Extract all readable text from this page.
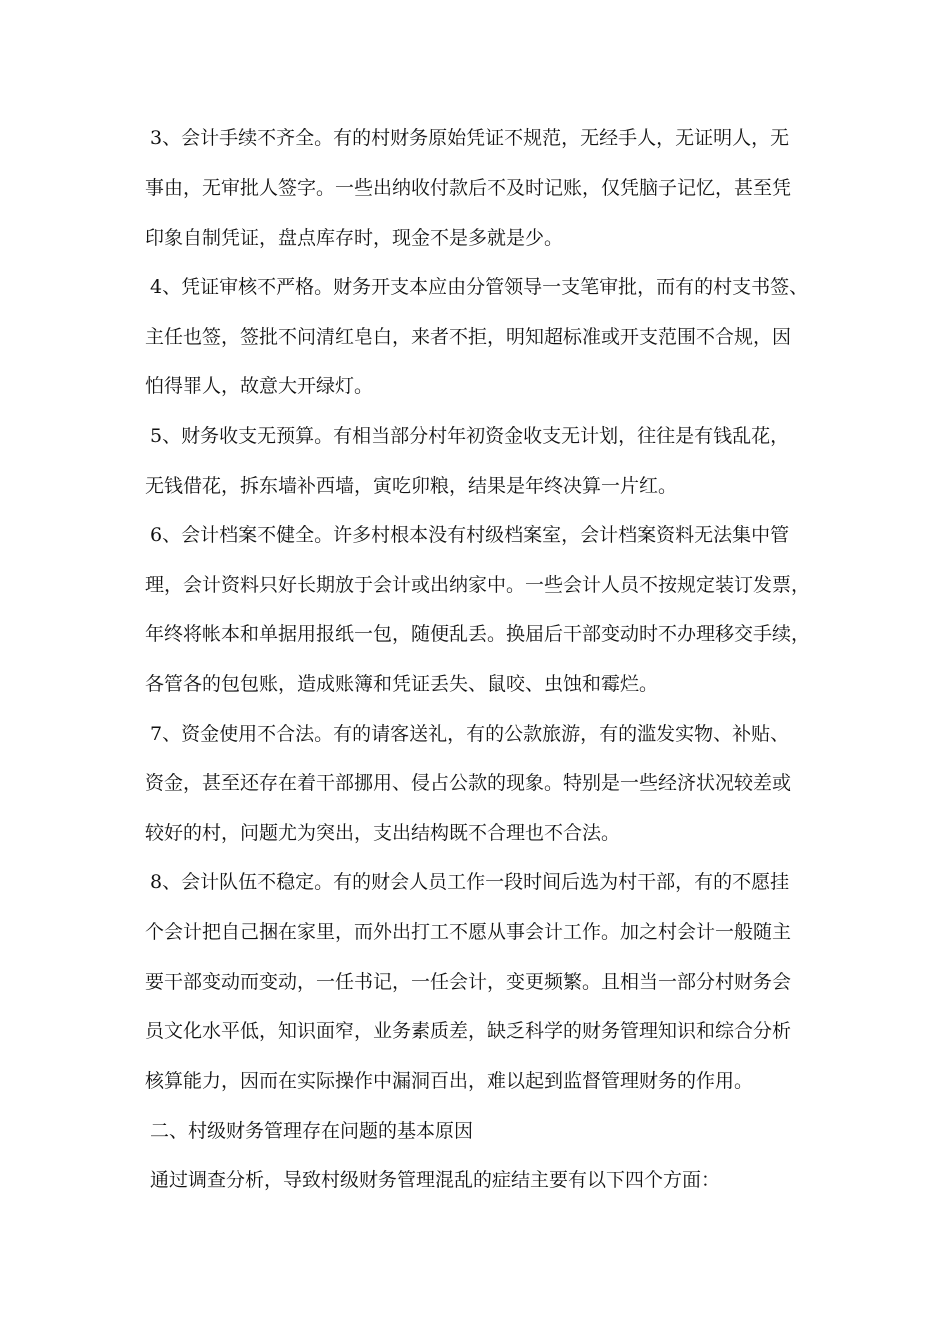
3、会计手续不齐全。有的村财务原始凭证不规范，无经手人，无证明人，无
事由，无审批人签字。一些出纳收付款后不及时记账，仅凭脑子记忆，甚至凭
印象自制凭证，盘点库存时，现金不是多就是少。
4、凭证审核不严格。财务开支本应由分管领导一支笔审批，而有的村支书签、
主任也签，签批不问清红皂白，来者不拒，明知超标准或开支范围不合规，因
怕得罪人，故意大开绿灯。
5、财务收支无预算。有相当部分村年初资金收支无计划，往往是有钱乱花，
无钱借花，拆东墙补西墙，寅吃卯粮，结果是年终决算一片红。
6、会计档案不健全。许多村根本没有村级档案室，会计档案资料无法集中管
理，会计资料只好长期放于会计或出纳家中。一些会计人员不按规定装订发票，
年终将帐本和单据用报纸一包，随便乱丢。换届后干部变动时不办理移交手续，
各管各的包包账，造成账簿和凭证丢失、鼠咬、虫蚀和霉烂。
7、资金使用不合法。有的请客送礼，有的公款旅游，有的滥发实物、补贴、
资金，甚至还存在着干部挪用、侵占公款的现象。特别是一些经济状况较差或
较好的村，问题尤为突出，支出结构既不合理也不合法。
8、会计队伍不稳定。有的财会人员工作一段时间后选为村干部，有的不愿挂
个会计把自己捆在家里，而外出打工不愿从事会计工作。加之村会计一般随主
要干部变动而变动，一任书记，一任会计，变更频繁。且相当一部分村财务会
员文化水平低，知识面窄，业务素质差，缺乏科学的财务管理知识和综合分析
核算能力，因而在实际操作中漏洞百出，难以起到监督管理财务的作用。
二、村级财务管理存在问题的基本原因
通过调查分析，导致村级财务管理混乱的症结主要有以下四个方面：
